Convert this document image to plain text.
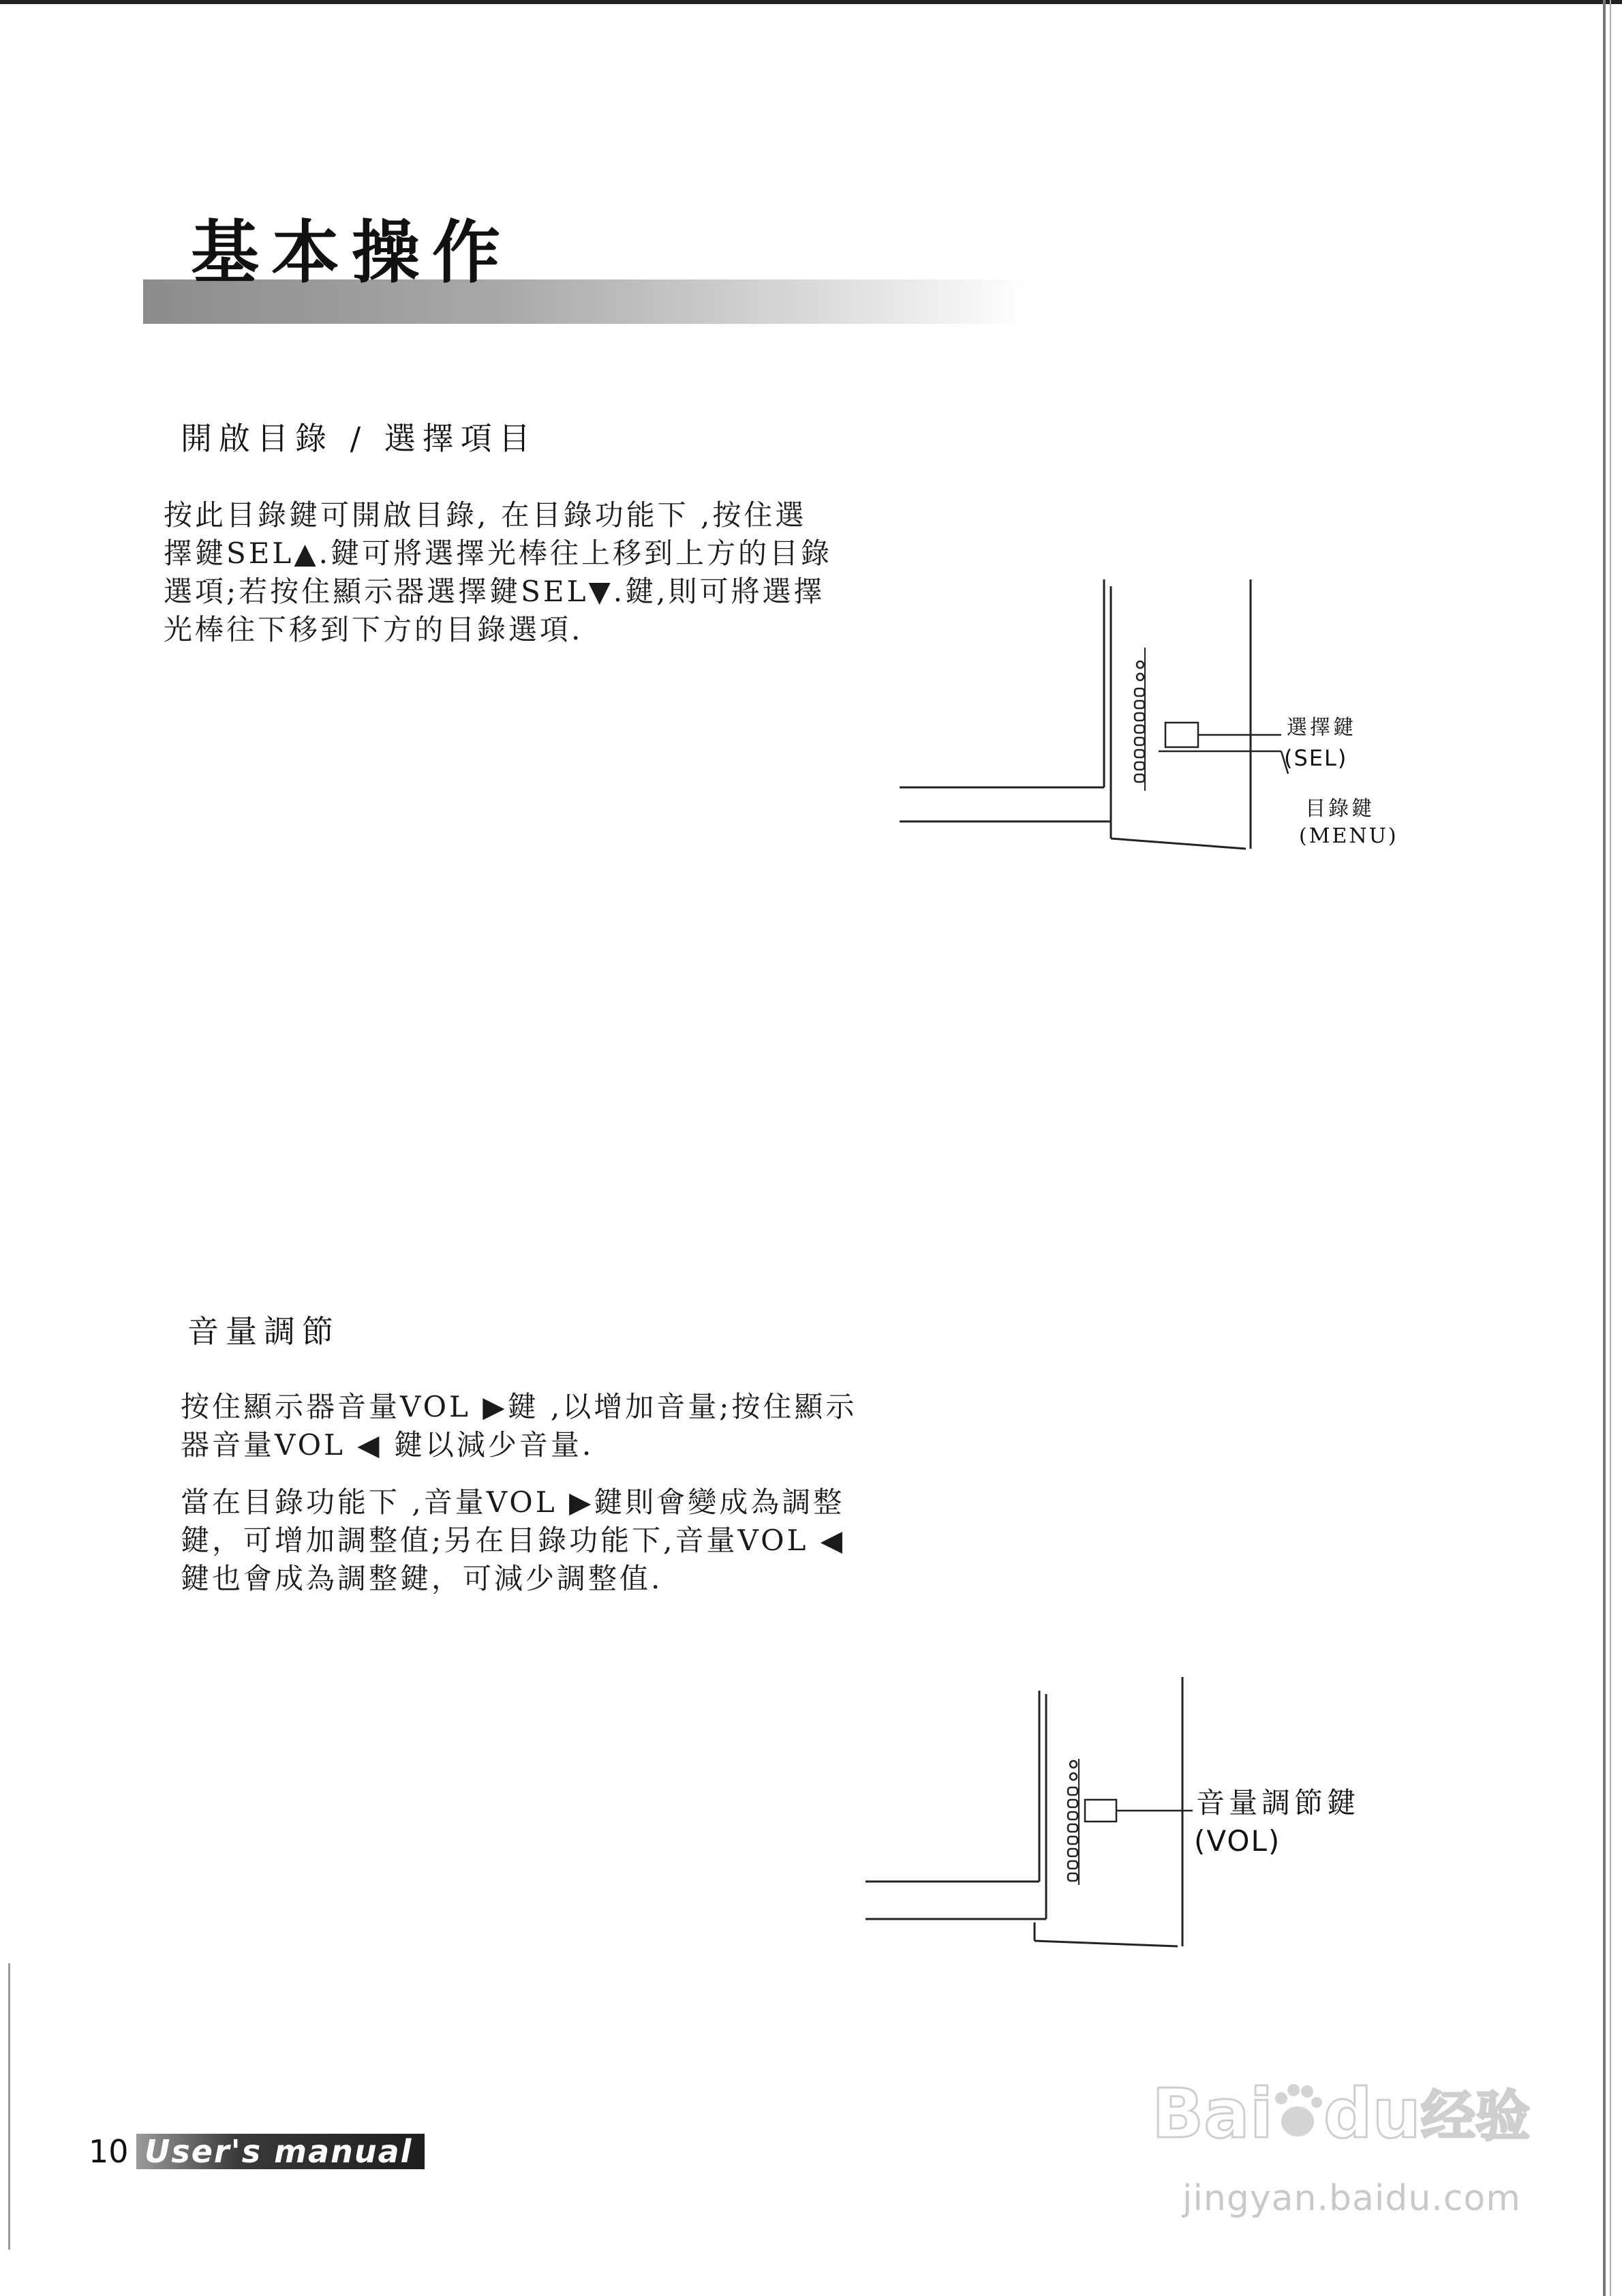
基本操作
開啟目錄 / 選擇項目

按此目錄鍵可開啟目錄, 在目錄功能下 ,按住選

擇鍵SEL▲.鍵可將選擇光棒往上移到上方的目錄

選項;若按住顯示器選擇鍵SEL▼.鍵,則可將選擇

光棒往下移到下方的目錄選項.

選擇鍵
(SEL)
目錄鍵
(MENU)
音量調節

按住顯示器音量VOL ▶鍵 ,以增加音量;按住顯示

器音量VOL ◀ 鍵以減少音量.

當在目錄功能下 ,音量VOL ▶鍵則會變成為調整

鍵，可增加調整值;另在目錄功能下,音量VOL ◀

鍵也會成為調整鍵，可減少調整值.

音量調節鍵
(VOL)
10 User's manual	Bai du 经验
jingyan.baidu.com
